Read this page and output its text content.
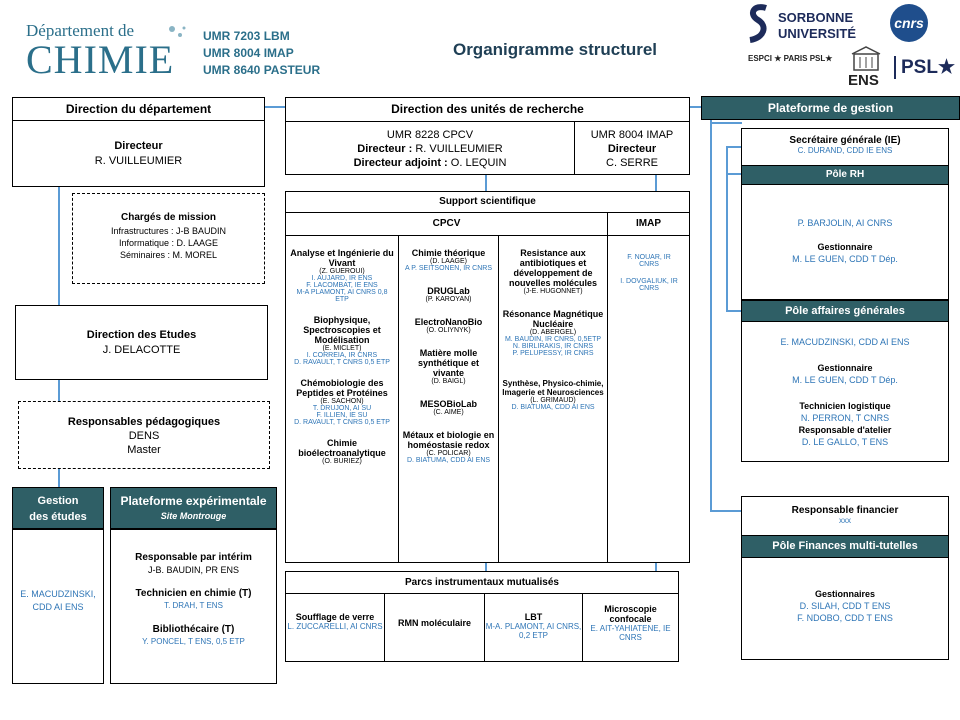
Département de
CHIMIE
UMR 7203 LBM
UMR 8004 IMAP
UMR 8640 PASTEUR
Organigramme structurel
SORBONNE
UNIVERSITÉ
cnrs
ESPCI ★ PARIS PSL★
ENS
PSL★
Direction du département
Directeur
R. VUILLEUMIER
Chargés de mission
Infrastructures : J-B BAUDIN
Informatique : D. LAAGE
Séminaires : M. MOREL
Direction des Etudes
J. DELACOTTE
Responsables pédagogiques
DENS
Master
Gestion
des études
E. MACUDZINSKI, CDD AI ENS
Plateforme expérimentale
Site Montrouge
Responsable par intérim
J-B. BAUDIN, PR ENS
Technicien en chimie (T)
T. DRAH, T ENS
Bibliothécaire (T)
Y. PONCEL, T ENS, 0,5 ETP
Direction des unités de recherche
UMR 8228 CPCV
Directeur : R. VUILLEUMIER
Directeur adjoint : O. LEQUIN
UMR 8004 IMAP
Directeur
C. SERRE
Support scientifique
CPCV	IMAP

Analyse et Ingénierie du Vivant

(Z. GUEROUI)

I. AUJARD, IR ENS

F. LACOMBAT, IE ENS

M-A PLAMONT, AI CNRS 0,8 ETP

Biophysique, Spectroscopies et Modélisation

(E. MICLET)

I. CORREIA, IR CNRS

D. RAVAULT, T CNRS 0,5 ETP

Chémobiologie des Peptides et Protéines

(E. SACHON)

T. DRUJON, AI SU

F. ILLIEN, IE SU

D. RAVAULT, T CNRS 0,5 ETP

Chimie bioélectroanalytique

(O. BURIEZ)

Chimie théorique

(D. LAAGE)

A P. SEITSONEN, IR CNRS

DRUGLab

(P. KAROYAN)

ElectroNanoBio

(O. OLIYNYK)

Matière molle synthétique et vivante

(D. BAIGL)

MESOBioLab

(C. AIME)

Métaux et biologie en homéostasie redox

(C. POLICAR)

D. BIATUMA, CDD AI ENS

Resistance aux antibiotiques et développement de nouvelles molécules

(J-E. HUGONNET)

Résonance Magnétique Nucléaire

(D. ABERGEL)

M. BAUDIN, IR CNRS, 0,5ETP

N. BIRLIRAKIS, IR CNRS

P. PELUPESSY, IR CNRS

Synthèse, Physico-chimie, Imagerie et Neurosciences

(L. GRIMAUD)

D. BIATUMA, CDD AI ENS

F. NOUAR, IR CNRS

I. DOVGALIUK, IR CNRS

Parcs instrumentaux mutualisés
Soufflage de verre
L. ZUCCARELLI, AI CNRS	RMN moléculaire
LBT
M-A. PLAMONT, AI CNRS, 0,2 ETP
Microscopie confocale
E. AIT-YAHIATENE, IE CNRS
Plateforme de gestion
Secrétaire générale (IE)
C. DURAND, CDD IE ENS
Pôle RH
P. BARJOLIN, AI CNRS
Gestionnaire
M. LE GUEN, CDD T Dép.
Pôle affaires générales
E. MACUDZINSKI, CDD AI ENS
Gestionnaire
M. LE GUEN, CDD T Dép.
Technicien logistique
N. PERRON, T CNRS
Responsable d'atelier
D. LE GALLO, T ENS
Responsable financier
xxx
Pôle Finances multi-tutelles
Gestionnaires
D. SILAH, CDD T ENS
F. NDOBO, CDD T ENS
